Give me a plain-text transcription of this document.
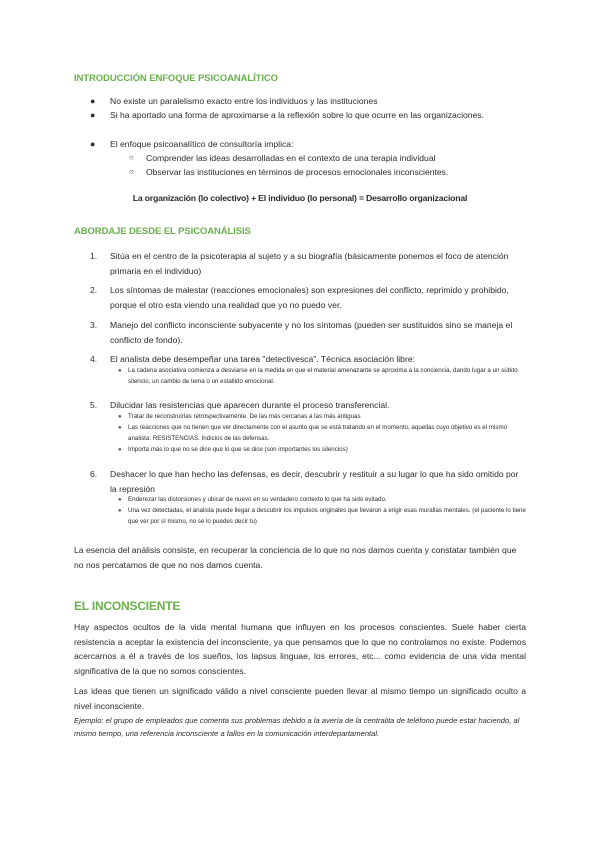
INTRODUCCIÓN ENFOQUE PSICOANALÍTICO
● No existe un paralelismo exacto entre los individuos y las instituciones
● Si ha aportado una forma de aproximarse a la reflexión sobre lo que ocurre en las organizaciones.
● El enfoque psicoanalítico de consultoría implica:
○ Comprender las ideas desarrolladas en el contexto de una terapia individual
○ Observar las instituciones en términos de procesos emocionales inconscientes.
La organización (lo colectivo) + El individuo (lo personal) = Desarrollo organizacional
ABORDAJE DESDE EL PSICOANÁLISIS
1. Sitúa en el centro de la psicoterapia al sujeto y a su biografía (básicamente ponemos el foco de atención primaria en el individuo)
2. Los síntomas de malestar (reacciones emocionales) son expresiones del conflicto, reprimido y prohibido, porque el otro esta viendo una realidad que yo no puedo ver.
3. Manejo del conflicto inconsciente subyacente y no los síntomas (pueden ser sustituidos sino se maneja el conflicto de fondo).
4. El analista debe desempeñar una tarea "detectivesca". Técnica asociación libre:
● La cadena asociativa comienza a desviarse en la medida en que el material amenazante se aproxima a la conciencia, dando lugar a un súbito silencio, un cambio de tema o un estallido emocional.
5. Dilucidar las resistencias que aparecen durante el proceso transferencial.
● Tratar de reconstruirlas retrospectivamente. De las más cercanas a las más antiguas
● Las reacciones que no tienen que ver directamente con el asunto que se está tratando en el momento, aquellas cuyo objetivo es el mismo analista: RESISTENCIAS. Indicios de las defensas.
● Importa más lo que no se dice que lo que se dice (son importantes los silencios)
6. Deshacer lo que han hecho las defensas, es decir, descubrir y restituir a su lugar lo que ha sido omitido por la represión
● Enderezar las distorsiones y ubicar de nuevo en su verdadero contexto lo que ha sido evitado.
● Una vez detectadas, el analista puede llegar a descubrir los impulsos originales que llevaron a erigir esas murallas mentales. (el paciente lo tiene que ver por sí mismo, no se lo puedes decir tu)
La esencia del análisis consiste, en recuperar la conciencia de lo que no nos damos cuenta y constatar también que no nos percatamos de que no nos damos cuenta.
EL INCONSCIENTE
Hay aspectos ocultos de la vida mental humana que influyen en los procesos conscientes. Suele haber cierta resistencia a aceptar la existencia del inconsciente, ya que pensamos que lo que no controlamos no existe. Podemos acercarnos a él a través de los sueños, los lapsus linguae, los errores, etc... como evidencia de una vida mental significativa de la que no somos conscientes.
Las ideas que tienen un significado válido a nivel consciente pueden llevar al mismo tiempo un significado oculto a nivel inconsciente.
Ejemplo: el grupo de empleados que comenta sus problemas debido a la avería de la centralita de teléfono puede estar haciendo, al mismo tiempo, una referencia inconsciente a fallos en la comunicación interdepartamental.
